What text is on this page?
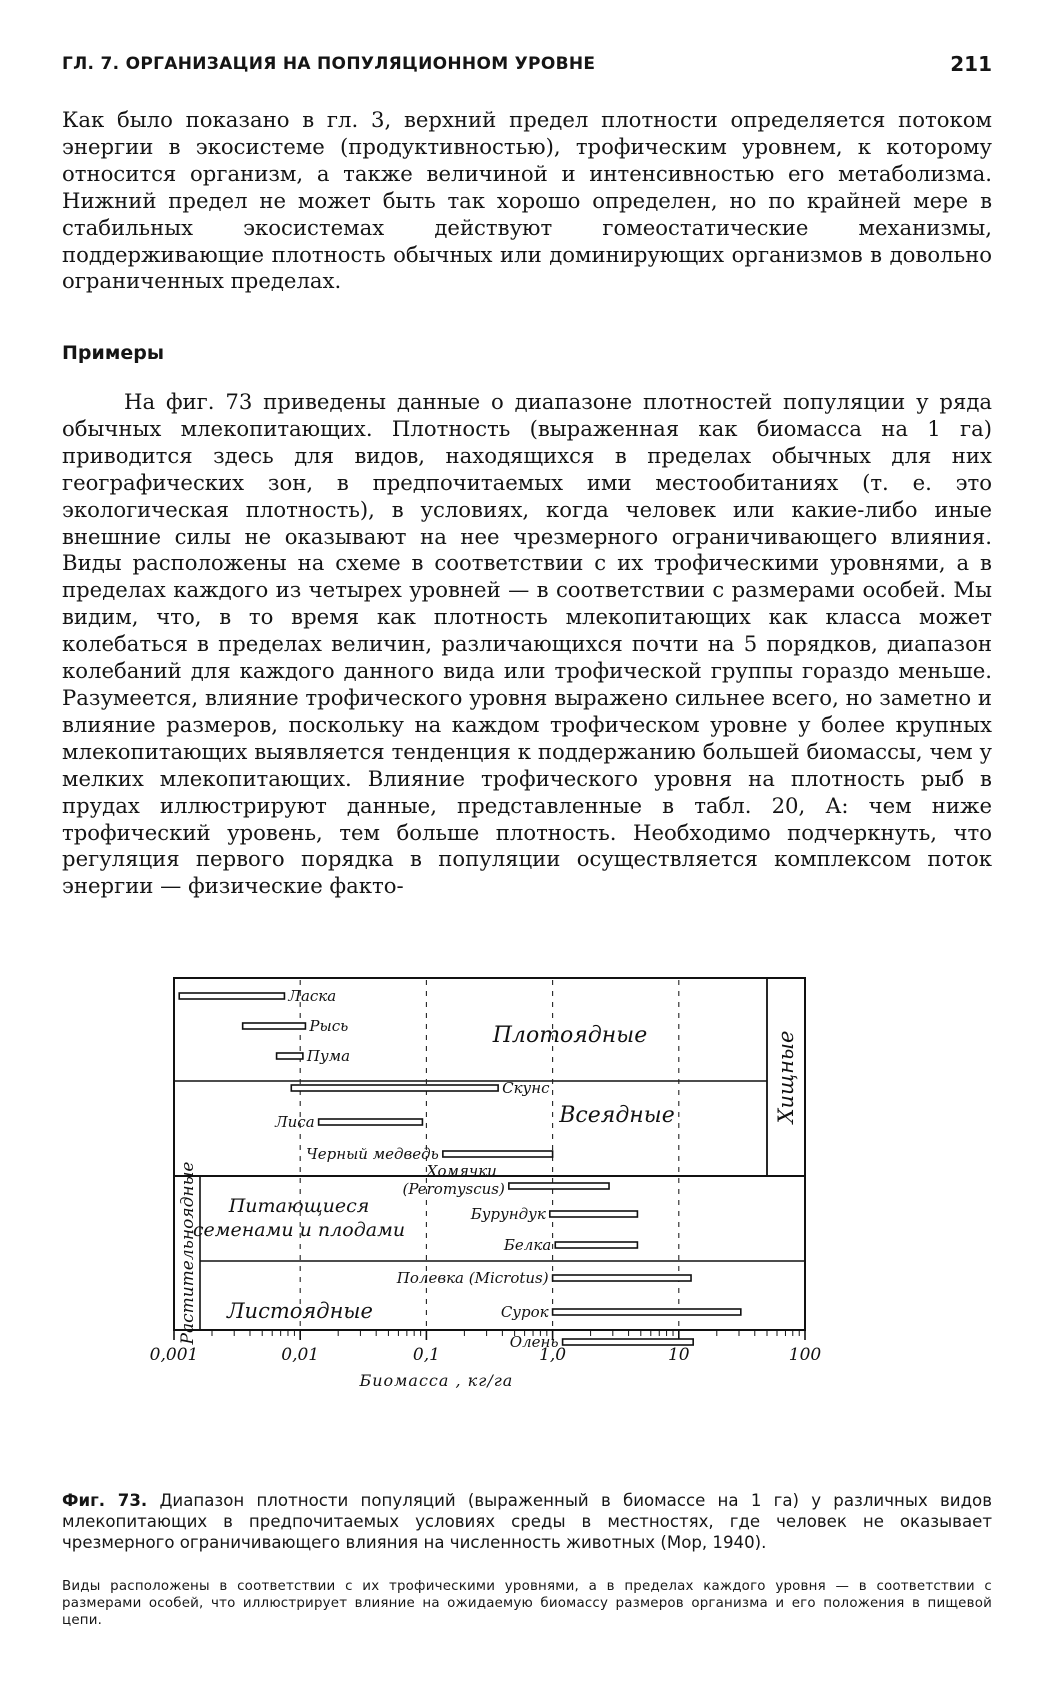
ГЛ. 7. ОРГАНИЗАЦИЯ НА ПОПУЛЯЦИОННОМ УРОВНЕ	211

Как было показано в гл. 3, верхний предел плотности определяется потоком энергии в экосистеме (продуктивностью), трофическим уровнем, к которому относится организм, а также величиной и интенсивностью его метаболизма. Нижний предел не может быть так хорошо определен, но по крайней мере в стабильных экосистемах действуют гомеостатические механизмы, поддерживающие плотность обычных или доминирующих организмов в довольно ограниченных пределах.

Примеры

На фиг. 73 приведены данные о диапазоне плотностей популяции у ряда обычных млекопитающих. Плотность (выраженная как биомасса на 1 га) приводится здесь для видов, находящихся в пределах обычных для них географических зон, в предпочитаемых ими местообитаниях (т. е. это экологическая плотность), в условиях, когда человек или какие-либо иные внешние силы не оказывают на нее чрезмерного ограничивающего влияния. Виды расположены на схеме в соответствии с их трофическими уровнями, а в пределах каждого из четырех уровней — в соответствии с размерами особей. Мы видим, что, в то время как плотность млекопитающих как класса может колебаться в пределах величин, различающихся почти на 5 порядков, диапазон колебаний для каждого данного вида или трофической группы гораздо меньше. Разумеется, влияние трофического уровня выражено сильнее всего, но заметно и влияние размеров, поскольку на каждом трофическом уровне у более крупных млекопитающих выявляется тенденция к поддержанию большей биомассы, чем у мелких млекопитающих. Влияние трофического уровня на плотность рыб в прудах иллюстрируют данные, представленные в табл. 20, А: чем ниже трофический уровень, тем больше плотность. Необходимо подчеркнуть, что регуляция первого порядка в популяции осуществляется комплексом поток энергии — физические факто-

0,001	0,01	0,1	1,0	10	100
Биомасса , кг/га
Растительноядные
Хищные
Плотоядные
Всеядные
Питающиеся
семенами и плодами
Листоядные
Ласка
Рысь
Пума
Скунс
Лиса
Черный медведь
Хомячки
(Peromyscus)
Бурундук
Белка
Полевка (Microtus)
Сурок
Олень

Фиг. 73. Диапазон плотности популяций (выраженный в биомассе на 1 га) у различных видов млекопитающих в предпочитаемых условиях среды в местностях, где человек не оказывает чрезмерного ограничивающего влияния на численность животных (Мор, 1940).

Виды расположены в соответствии с их трофическими уровнями, а в пределах каждого уровня — в соответствии с размерами особей, что иллюстрирует влияние на ожидаемую биомассу размеров организма и его положения в пищевой цепи.
